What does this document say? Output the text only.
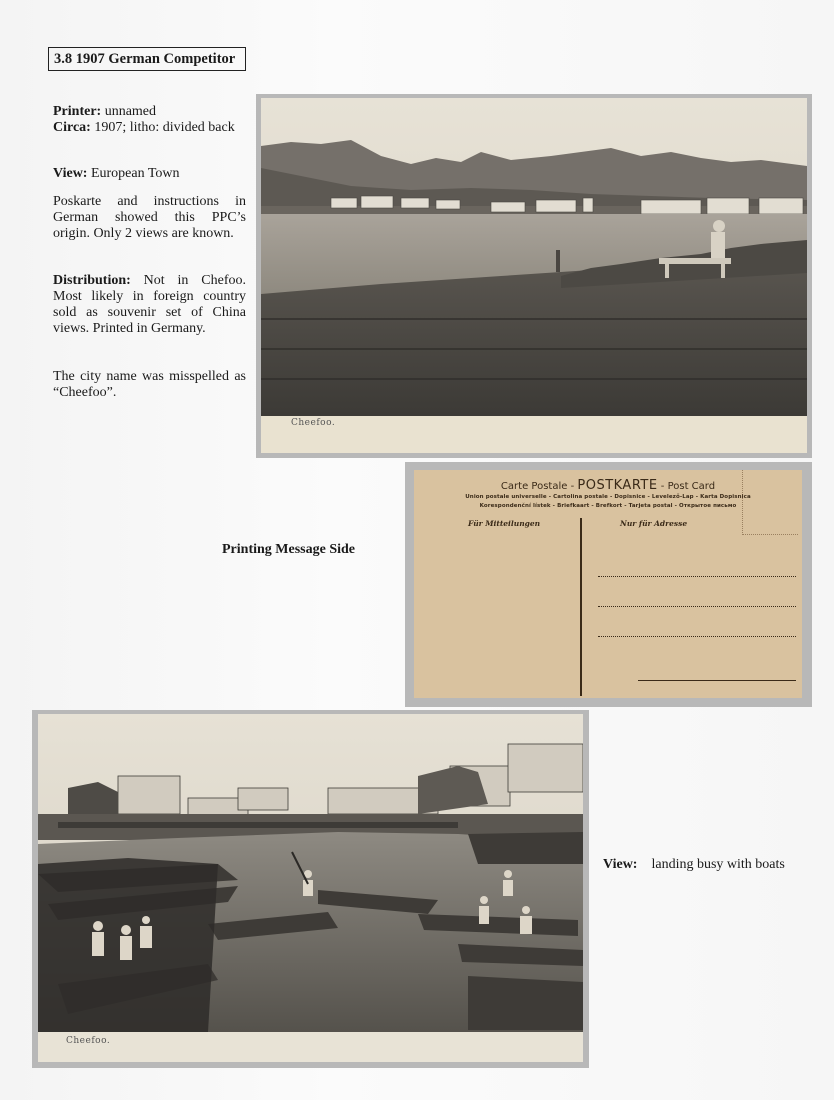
3.8 1907 German Competitor

Printer: unnamed

Circa: 1907; litho: divided back

View: European Town

Poskarte and instructions in German showed this PPC’s origin. Only 2 views are known.

Distribution: Not in Chefoo. Most likely in foreign country sold as souvenir set of China views. Printed in Germany.

The city name was misspelled as “Cheefoo”.

Cheefoo.
Printing Message Side
Carte Postale - POSTKARTE - Post Card
Union postale universelle - Cartolina postale - Dopisnice - Levelező-Lap - Karta Dopisnica
Korespondenční lístek - Briefkaart - Brefkort - Tarjeta postal - Открытое письмо
Für Mitteilungen	Nur für Adresse
Cheefoo.

View: landing busy with boats
